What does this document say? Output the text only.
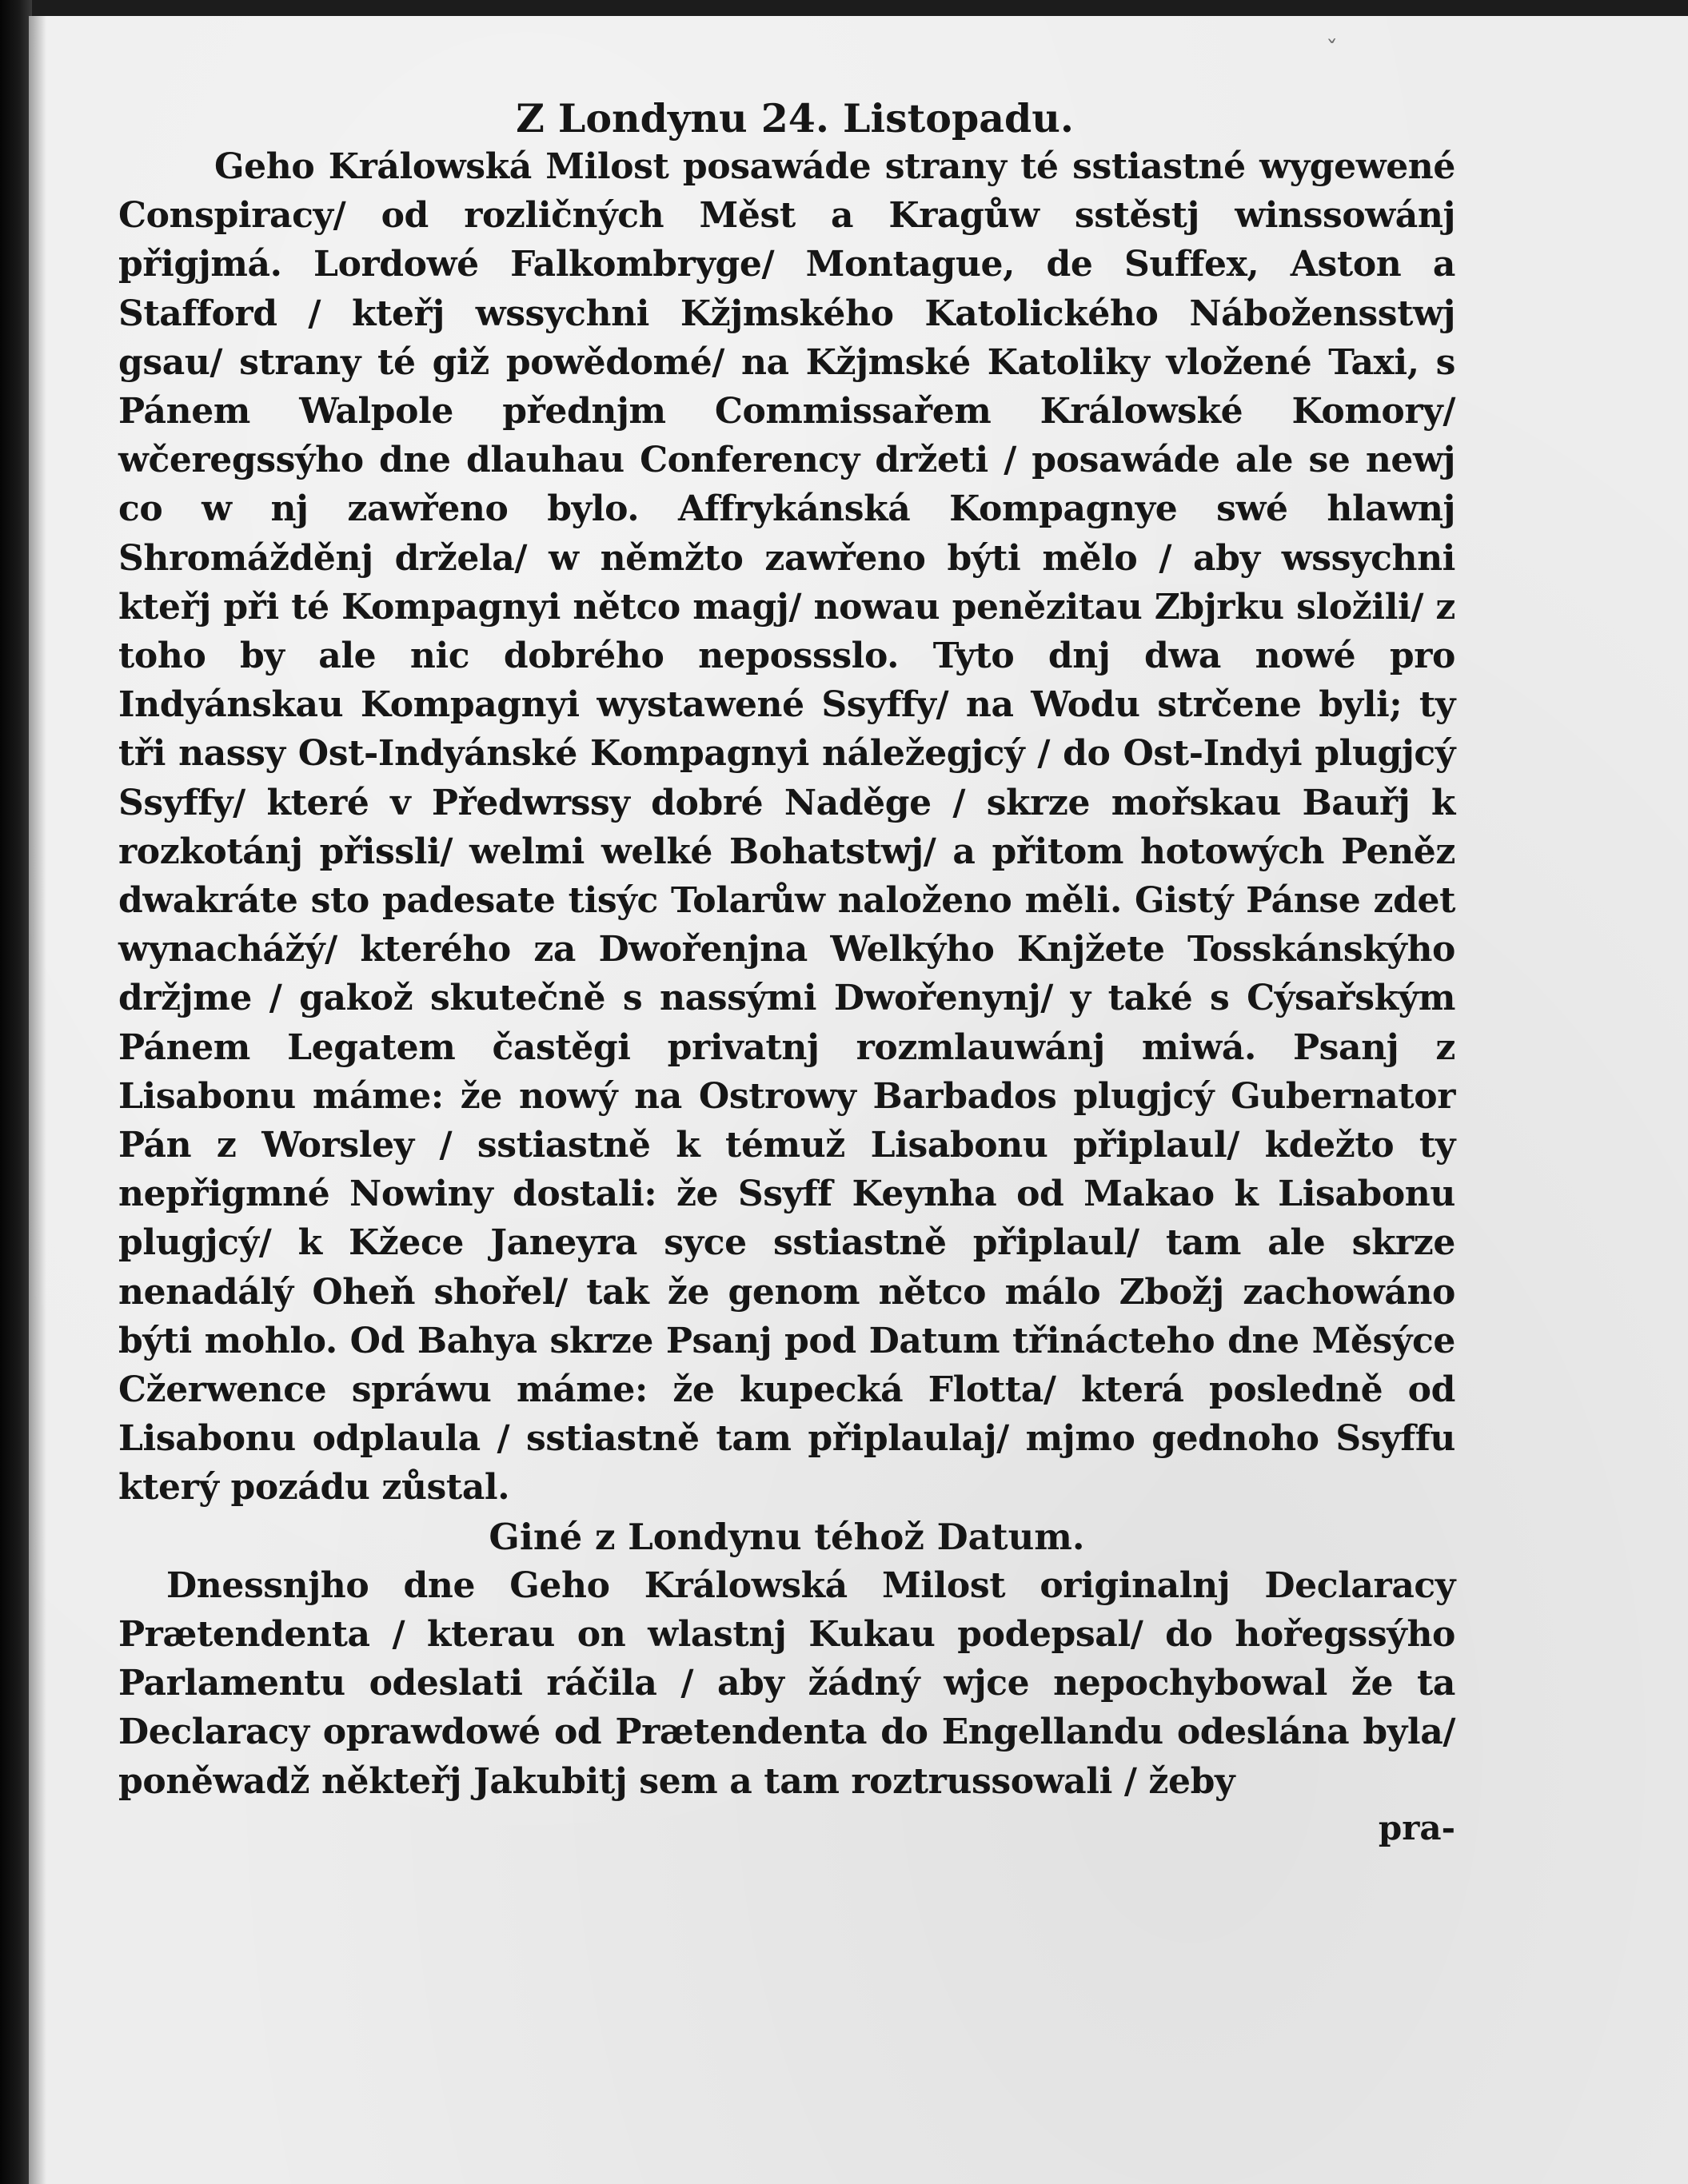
ˇ

Z Londynu 24. Listopadu.

Geho Králowská Milost posawáde strany té sstiastné wygewené Conspiracy/ od rozličných Měst a Kragůw sstěstj winssowánj přigjmá. Lordowé Falkombryge/ Montague, de Suffex, Aston a Stafford / kteřj wssychni Kžjmského Katolického Nábožensstwj gsau/ strany té giž powědomé/ na Kžjmské Katoliky vložené Taxi, s Pánem Walpole přednjm Commissařem Králowské Komory/ wčeregssýho dne dlauhau Conferency držeti / posawáde ale se newj co w nj zawřeno bylo. Affrykánská Kompagnye swé hlawnj Shromážděnj držela/ w němžto zawřeno býti mělo / aby wssychni kteřj při té Kompagnyi nětco magj/ nowau penězitau Zbjrku složili/ z toho by ale nic dobrého nepossslo. Tyto dnj dwa nowé pro Indyánskau Kompagnyi wystawené Ssyffy/ na Wodu strčene byli; ty tři nassy Ost-Indyánské Kompagnyi náležegjcý / do Ost-Indyi plugjcý Ssyffy/ které v Předwrssy dobré Naděge / skrze mořskau Bauřj k rozkotánj přissli/ welmi welké Bohatstwj/ a přitom hotowých Peněz dwakráte sto padesate tisýc Tolarůw naloženo měli. Gistý Pánse zdet wynachážý/ kterého za Dwořenjna Welkýho Knjžete Tosskánskýho držjme / gakož skutečně s nassými Dwořenynj/ y také s Cýsařským Pánem Legatem častěgi privatnj rozmlauwánj miwá. Psanj z Lisabonu máme: že nowý na Ostrowy Barbados plugjcý Gubernator Pán z Worsley / sstiastně k témuž Lisabonu připlaul/ kdežto ty nepřigmné Nowiny dostali: že Ssyff Keynha od Makao k Lisabonu plugjcý/ k Kžece Janeyra syce sstiastně připlaul/ tam ale skrze nenadálý Oheň shořel/ tak že genom nětco málo Zbožj zachowáno býti mohlo. Od Bahya skrze Psanj pod Datum třinácteho dne Měsýce Cžerwence spráwu máme: že kupecká Flotta/ která posledně od Lisabonu odplaula / sstiastně tam připlaulaj/ mjmo gednoho Ssyffu který pozádu zůstal.

Giné z Londynu téhož Datum.

Dnessnjho dne Geho Králowská Milost originalnj Declaracy Prætendenta / kterau on wlastnj Kukau podepsal/ do hořegssýho Parlamentu odeslati ráčila / aby žádný wjce nepochybowal že ta Declaracy oprawdowé od Prætendenta do Engellandu odeslána byla/ poněwadž někteřj Jakubitj sem a tam roztrussowali / žeby

pra-
